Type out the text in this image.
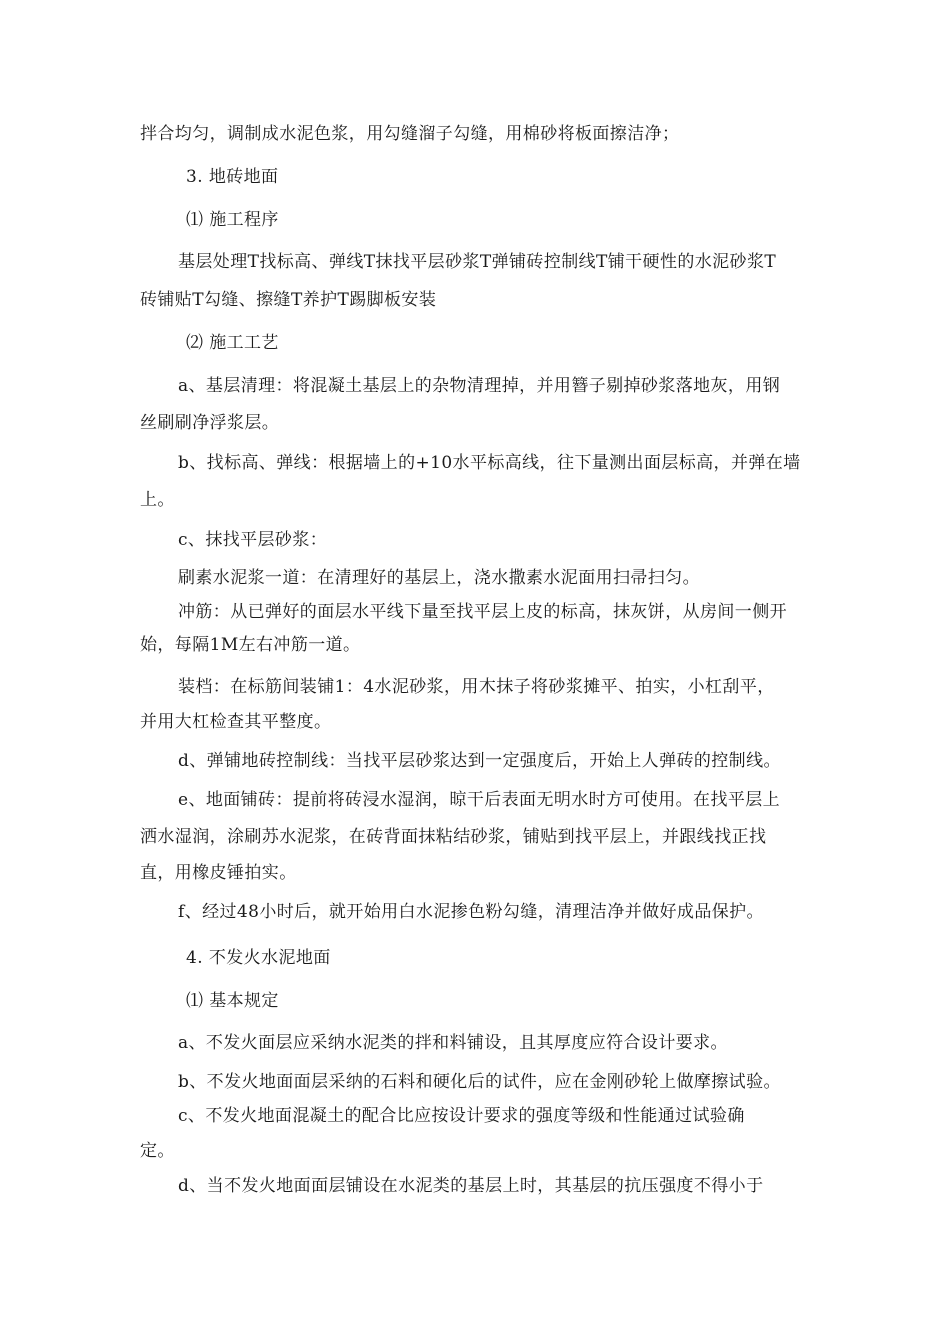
拌合均匀，调制成水泥色浆，用勾缝溜子勾缝，用棉砂将板面擦洁净；
3. 地砖地面
⑴ 施工程序
基层处理T找标高、弹线T抹找平层砂浆T弹铺砖控制线T铺干硬性的水泥砂浆T
砖铺贴T勾缝、擦缝T养护T踢脚板安装
⑵ 施工工艺
a、基层清理：将混凝土基层上的杂物清理掉，并用簪子剔掉砂浆落地灰，用钢
丝刷刷净浮浆层。
b、找标高、弹线：根据墙上的+10水平标高线，往下量测出面层标高，并弹在墙
上。
c、抹找平层砂浆：
刷素水泥浆一道：在清理好的基层上，浇水撒素水泥面用扫帚扫匀。
冲筋：从已弹好的面层水平线下量至找平层上皮的标高，抹灰饼，从房间一侧开
始，每隔1M左右冲筋一道。
装档：在标筋间装铺1：4水泥砂浆，用木抹子将砂浆摊平、拍实，小杠刮平，
并用大杠检查其平整度。
d、弹铺地砖控制线：当找平层砂浆达到一定强度后，开始上人弹砖的控制线。
e、地面铺砖：提前将砖浸水湿润，晾干后表面无明水时方可使用。在找平层上
洒水湿润，涂刷苏水泥浆，在砖背面抹粘结砂浆，铺贴到找平层上，并跟线找正找
直，用橡皮锤拍实。
f、经过48小时后，就开始用白水泥掺色粉勾缝，清理洁净并做好成品保护。
4. 不发火水泥地面
⑴ 基本规定
a、不发火面层应采纳水泥类的拌和料铺设，且其厚度应符合设计要求。
b、不发火地面面层采纳的石料和硬化后的试件，应在金刚砂轮上做摩擦试验。
c、不发火地面混凝土的配合比应按设计要求的强度等级和性能通过试验确
定。
d、当不发火地面面层铺设在水泥类的基层上时，其基层的抗压强度不得小于
